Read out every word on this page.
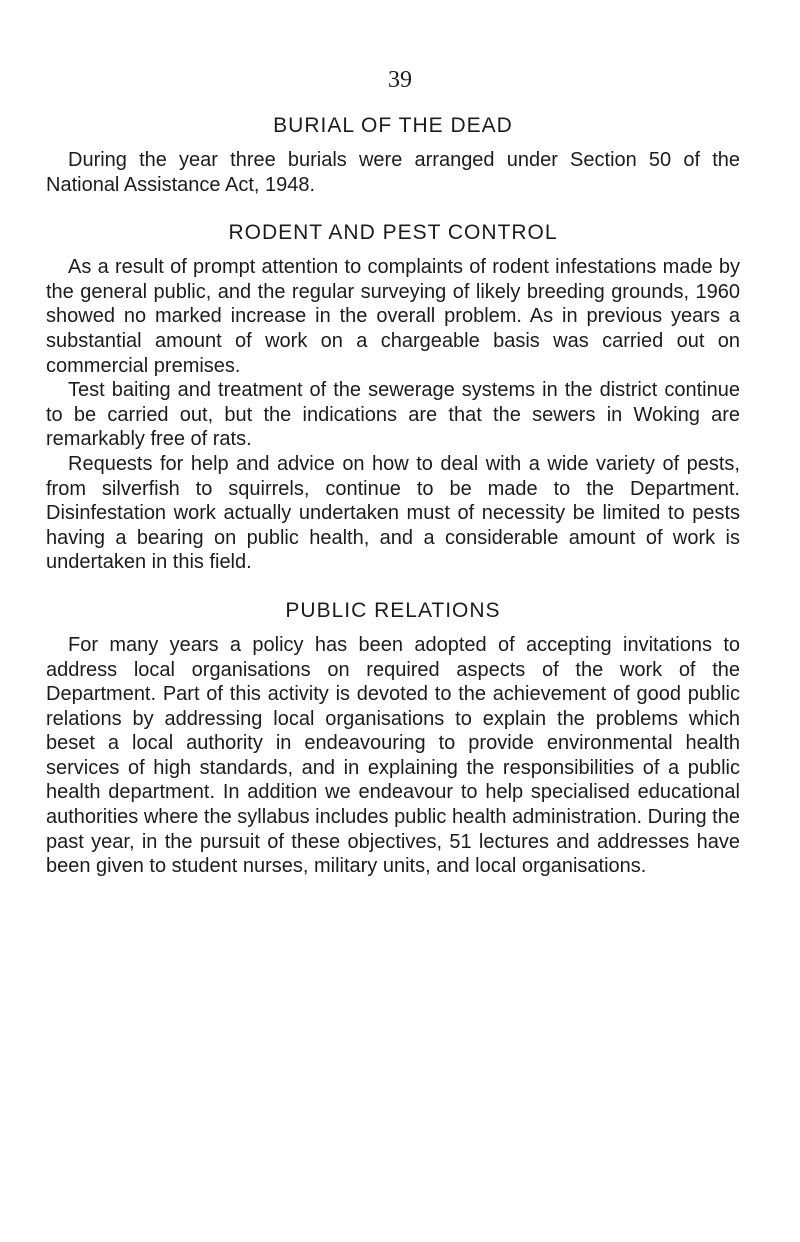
39
BURIAL OF THE DEAD

During the year three burials were arranged under Section 50 of the National Assistance Act, 1948.

RODENT AND PEST CONTROL

As a result of prompt attention to complaints of rodent infestations made by the general public, and the regular surveying of likely breeding grounds, 1960 showed no marked increase in the overall problem. As in previous years a substantial amount of work on a chargeable basis was carried out on commercial premises.

Test baiting and treatment of the sewerage systems in the district continue to be carried out, but the indications are that the sewers in Woking are remarkably free of rats.

Requests for help and advice on how to deal with a wide variety of pests, from silverfish to squirrels, continue to be made to the Department. Disinfestation work actually undertaken must of necessity be limited to pests having a bearing on public health, and a considerable amount of work is undertaken in this field.

PUBLIC RELATIONS

For many years a policy has been adopted of accepting invitations to address local organisations on required aspects of the work of the Department. Part of this activity is devoted to the achievement of good public relations by addressing local organisations to explain the problems which beset a local authority in endeavouring to provide environmental health services of high standards, and in explaining the responsibilities of a public health department. In addition we endeavour to help specialised educational authorities where the syllabus includes public health administration. During the past year, in the pursuit of these objectives, 51 lectures and addresses have been given to student nurses, military units, and local organisations.
